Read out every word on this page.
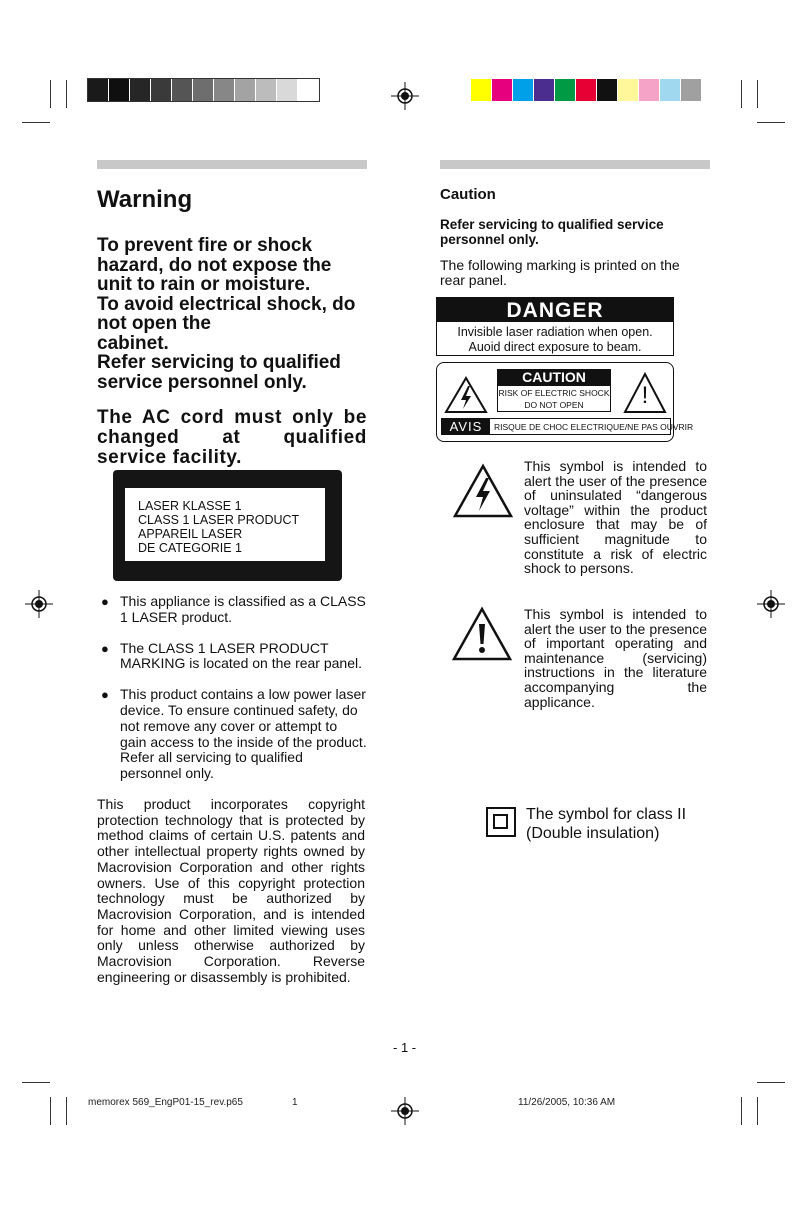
Warning
To prevent fire or shock
hazard, do not expose the
unit to rain or moisture.
To avoid electrical shock, do
not open the
cabinet.
Refer servicing to qualified
service personnel only.

The AC cord must only be changed at qualified service facility.

LASER KLASSE 1
CLASS 1 LASER PRODUCT
APPAREIL LASER
DE CATEGORIE 1
● This appliance is classified as a CLASS 1 LASER product.
● The CLASS 1 LASER PRODUCT MARKING is located on the rear panel.
● This product contains a low power laser device. To ensure continued safety, do not remove any cover or attempt to gain access to the inside of the product. Refer all servicing to qualified personnel only.

This product incorporates copyright protection technology that is protected by method claims of certain U.S. patents and other intellectual property rights owned by Macrovision Corporation and other rights owners. Use of this copyright protection technology must be authorized by Macrovision Corporation, and is intended for home and other limited viewing uses only unless otherwise authorized by Macrovision Corporation. Reverse engineering or disassembly is prohibited.

Caution

Refer servicing to qualified service personnel only.

The following marking is printed on the rear panel.

DANGER
Invisible laser radiation when open.
Auoid direct exposure to beam.
CAUTION
RISK OF ELECTRIC SHOCK
DO NOT OPEN	!
AVIS	RISQUE DE CHOC ELECTRIQUE/NE PAS OUVRIR

This symbol is intended to alert the user of the presence of uninsulated “dangerous voltage” within the product enclosure that may be of sufficient magnitude to constitute a risk of electric shock to persons.

This symbol is intended to alert the user to the presence of important operating and maintenance (servicing) instructions in the literature accompanying the applicance.

The symbol for class II
(Double insulation)
- 1 -
memorex 569_EngP01-15_rev.p65	1	11/26/2005, 10:36 AM
